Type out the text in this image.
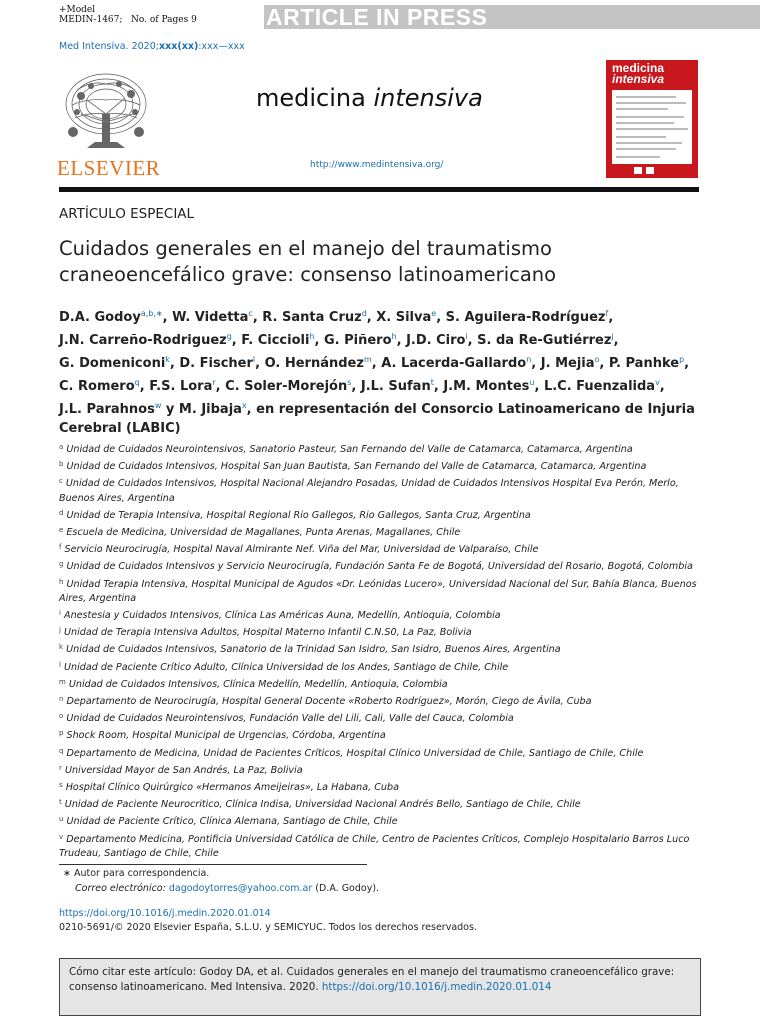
+Model
MEDIN-1467; No. of Pages 9	ARTICLE IN PRESS
Med Intensiva. 2020;xxx(xx):xxx—xxx
ELSEVIER
medicina intensiva
http://www.medintensiva.org/
medicina
intensiva
ARTÍCULO ESPECIAL
Cuidados generales en el manejo del traumatismo craneoencefálico grave: consenso latinoamericano
D.A. Godoy$^{a,b,∗}$, W. Videtta$^c$, R. Santa Cruz$^d$, X. Silva$^e$, S. Aguilera-Rodríguez$^f$, J.N. Carreño-Rodriguez$^g$, F. Ciccioli$^h$, G. Piñero$^h$, J.D. Ciro$^i$, S. da Re-Gutiérrez$^j$, G. Domeniconi$^k$, D. Fischer$^l$, O. Hernández$^m$, A. Lacerda-Gallardo$^n$, J. Mejia$^o$, P. Panhke$^p$, C. Romero$^q$, F.S. Lora$^r$, C. Soler-Morejón$^s$, J.L. Sufan$^t$, J.M. Montes$^u$, L.C. Fuenzalida$^v$, J.L. Parahnos$^w$ y M. Jibaja$^x$, en representación del Consorcio Latinoamericano de Injuria Cerebral (LABIC)
$^a$ Unidad de Cuidados Neurointensivos, Sanatorio Pasteur, San Fernando del Valle de Catamarca, Catamarca, Argentina
$^b$ Unidad de Cuidados Intensivos, Hospital San Juan Bautista, San Fernando del Valle de Catamarca, Catamarca, Argentina
$^c$ Unidad de Cuidados Intensivos, Hospital Nacional Alejandro Posadas, Unidad de Cuidados Intensivos Hospital Eva Perón, Merlo, Buenos Aires, Argentina
$^d$ Unidad de Terapia Intensiva, Hospital Regional Rio Gallegos, Rio Gallegos, Santa Cruz, Argentina
$^e$ Escuela de Medicina, Universidad de Magallanes, Punta Arenas, Magallanes, Chile
$^f$ Servicio Neurocirugía, Hospital Naval Almirante Nef. Viña del Mar, Universidad de Valparaíso, Chile
$^g$ Unidad de Cuidados Intensivos y Servicio Neurocirugía, Fundación Santa Fe de Bogotá, Universidad del Rosario, Bogotá, Colombia
$^h$ Unidad Terapia Intensiva, Hospital Municipal de Agudos «Dr. Leónidas Lucero», Universidad Nacional del Sur, Bahía Blanca, Buenos Aires, Argentina
$^i$ Anestesia y Cuidados Intensivos, Clínica Las Américas Auna, Medellín, Antioquia, Colombia
$^j$ Unidad de Terapia Intensiva Adultos, Hospital Materno Infantil C.N.S0, La Paz, Bolivia
$^k$ Unidad de Cuidados Intensivos, Sanatorio de la Trinidad San Isidro, San Isidro, Buenos Aires, Argentina
$^l$ Unidad de Paciente Crítico Adulto, Clínica Universidad de los Andes, Santiago de Chile, Chile
$^m$ Unidad de Cuidados Intensivos, Clínica Medellín, Medellín, Antioquia, Colombia
$^n$ Departamento de Neurocirugía, Hospital General Docente «Roberto Rodríguez», Morón, Ciego de Ávila, Cuba
$^o$ Unidad de Cuidados Neurointensivos, Fundación Valle del Lili, Cali, Valle del Cauca, Colombia
$^p$ Shock Room, Hospital Municipal de Urgencias, Córdoba, Argentina
$^q$ Departamento de Medicina, Unidad de Pacientes Críticos, Hospital Clínico Universidad de Chile, Santiago de Chile, Chile
$^r$ Universidad Mayor de San Andrés, La Paz, Bolivia
$^s$ Hospital Clínico Quirúrgico «Hermanos Ameijeiras», La Habana, Cuba
$^t$ Unidad de Paciente Neurocritico, Clínica Indisa, Universidad Nacional Andrés Bello, Santiago de Chile, Chile
$^u$ Unidad de Paciente Crítico, Clínica Alemana, Santiago de Chile, Chile
$^v$ Departamento Medicina, Pontificia Universidad Católica de Chile, Centro de Pacientes Críticos, Complejo Hospitalario Barros Luco Trudeau, Santiago de Chile, Chile
∗ Autor para correspondencia.
Correo electrónico: dagodoytorres@yahoo.com.ar (D.A. Godoy).
https://doi.org/10.1016/j.medin.2020.01.014
0210-5691/© 2020 Elsevier España, S.L.U. y SEMICYUC. Todos los derechos reservados.
Cómo citar este artículo: Godoy DA, et al. Cuidados generales en el manejo del traumatismo craneoencefálico grave: consenso latinoamericano. Med Intensiva. 2020. https://doi.org/10.1016/j.medin.2020.01.014
